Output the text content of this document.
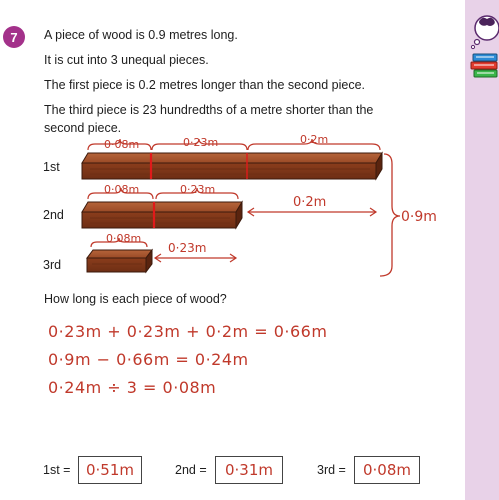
7	A piece of wood is 0.9 metres long.
It is cut into 3 unequal pieces.
The first piece is 0.2 metres longer than the second piece.
The third piece is 23 hundredths of a metre shorter than the
second piece.
1st
2nd
3rd
0·08m	0·23m	0·2m
0·08m	0·23m
0·2m
0·08m
0·23m
0·9m
How long is each piece of wood?
0·23m + 0·23m + 0·2m = 0·66m
0·9m − 0·66m = 0·24m
0·24m ÷ 3 = 0·08m
1st = 0·51m	2nd = 0·31m	3rd = 0·08m
